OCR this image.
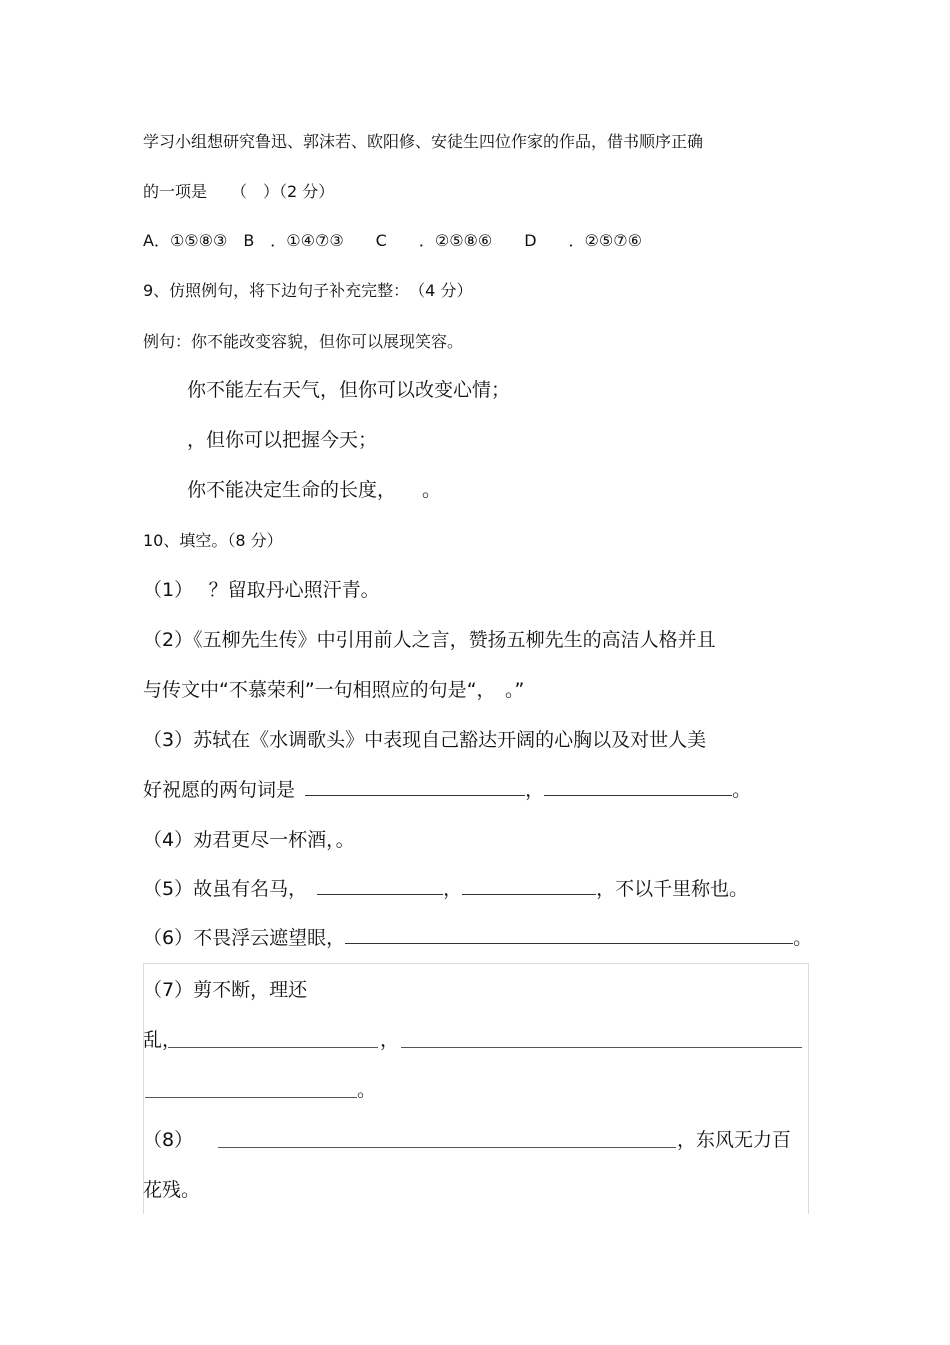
学习小组想研究鲁迅、郭沫若、欧阳修、安徒生四位作家的作品，借书顺序正确
的一项是　　（　）（2 分）
A．①⑤⑧③　B　．①④⑦③　　C　　．②⑤⑧⑥　　D　　．②⑤⑦⑥
9、仿照例句，将下边句子补充完整：　（4 分）
例句：你不能改变容貌，但你可以展现笑容。
你不能左右天气，但你可以改变心情；
，但你可以把握今天；
你不能决定生命的长度， 。
10、填空。（8 分）
（1）　 ？留取丹心照汗青。
（2）《五柳先生传》中引用前人之言，赞扬五柳先生的高洁人格并且
与传文中“不慕荣利”一句相照应的句是“，　。”
（3）苏轼在《水调歌头》中表现自己豁达开阔的心胸以及对世人美
好祝愿的两句词是	，	。
（4）劝君更尽一杯酒，。
（5）故虽有名马，	，	，不以千里称也。
（6）不畏浮云遮望眼，	。
（7）剪不断，理还
乱，	，
。
（8）	，东风无力百
花残。
